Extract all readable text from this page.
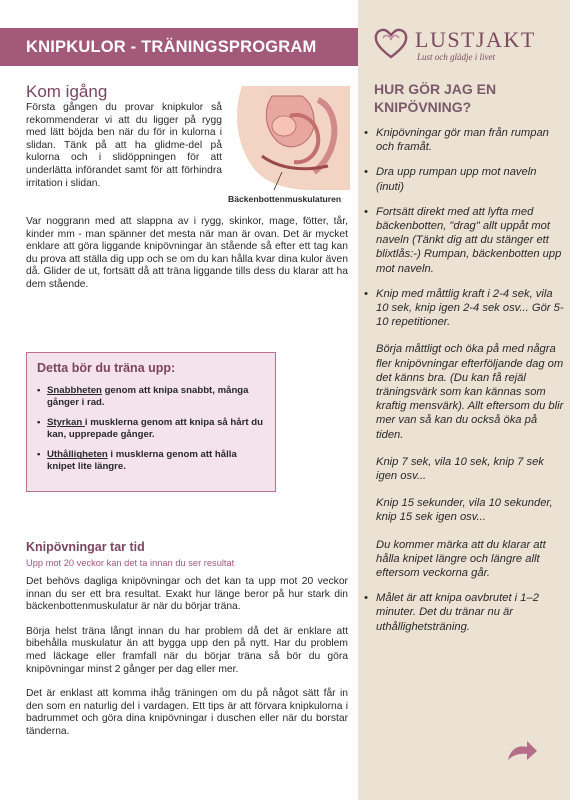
KNIPKULOR - TRÄNINGSPROGRAM	LUSTJAKT
Lust och glädje i livet
Kom igång
Första gången du provar knipkulor så rekommenderar vi att du ligger på rygg med lätt böjda ben när du för in kulorna i slidan. Tänk på att ha glidme-del på kulorna och i slidöppningen för att underlätta införandet samt för att förhindra irritation i slidan.
Bäckenbottenmuskulaturen
Var noggrann med att slappna av i rygg, skinkor, mage, fötter, tår, kinder mm - man spänner det mesta när man är ovan. Det är mycket enklare att göra liggande knipövningar än stående så efter ett tag kan du prova att ställa dig upp och se om du kan hålla kvar dina kulor även då. Glider de ut, fortsätt då att träna liggande tills dess du klarar att ha dem stående.
Detta bör du träna upp:
• Snabbheten genom att knipa snabbt, många gånger i rad.
• Styrkan i musklerna genom att knipa så hårt du kan, upprepade gånger.
• Uthålligheten i musklerna genom att hålla knipet lite längre.
Knipövningar tar tid
Upp mot 20 veckor kan det ta innan du ser resultat

Det behövs dagliga knipövningar och det kan ta upp mot 20 veckor innan du ser ett bra resultat. Exakt hur länge beror på hur stark din bäckenbottenmuskulatur är när du börjar träna.

Börja helst träna långt innan du har problem då det är enklare att bibehålla muskulatur än att bygga upp den på nytt. Har du problem med läckage eller framfall när du börjar träna så bör du göra knipövningar minst 2 gånger per dag eller mer.

Det är enklast att komma ihåg träningen om du på något sätt får in den som en naturlig del i vardagen. Ett tips är att förvara knipkulorna i badrummet och göra dina knipövningar i duschen eller när du borstar tänderna.

HUR GÖR JAG EN KNIPÖVNING?
• Knipövningar gör man från rumpan och framåt.

• Dra upp rumpan upp mot naveln (inuti)

• Fortsätt direkt med att lyfta med bäckenbotten, "drag" allt uppåt mot naveln (Tänkt dig att du stänger ett blixtlås:-) Rumpan, bäckenbotten upp mot naveln.

• Knip med måttlig kraft i 2-4 sek, vila 10 sek, knip igen 2-4 sek osv... Gör 5-10 repetitioner.

Börja måttligt och öka på med några fler knipövningar efterföljande dag om det känns bra. (Du kan få rejäl träningsvärk som kan kännas som kraftig mensvärk). Allt eftersom du blir mer van så kan du också öka på tiden.

Knip 7 sek, vila 10 sek, knip 7 sek igen osv...

Knip 15 sekunder, vila 10 sekunder, knip 15 sek igen osv...

Du kommer märka att du klarar att hålla knipet längre och längre allt eftersom veckorna går.

• Målet är att knipa oavbrutet i 1–2 minuter. Det du tränar nu är uthållighetsträning.
